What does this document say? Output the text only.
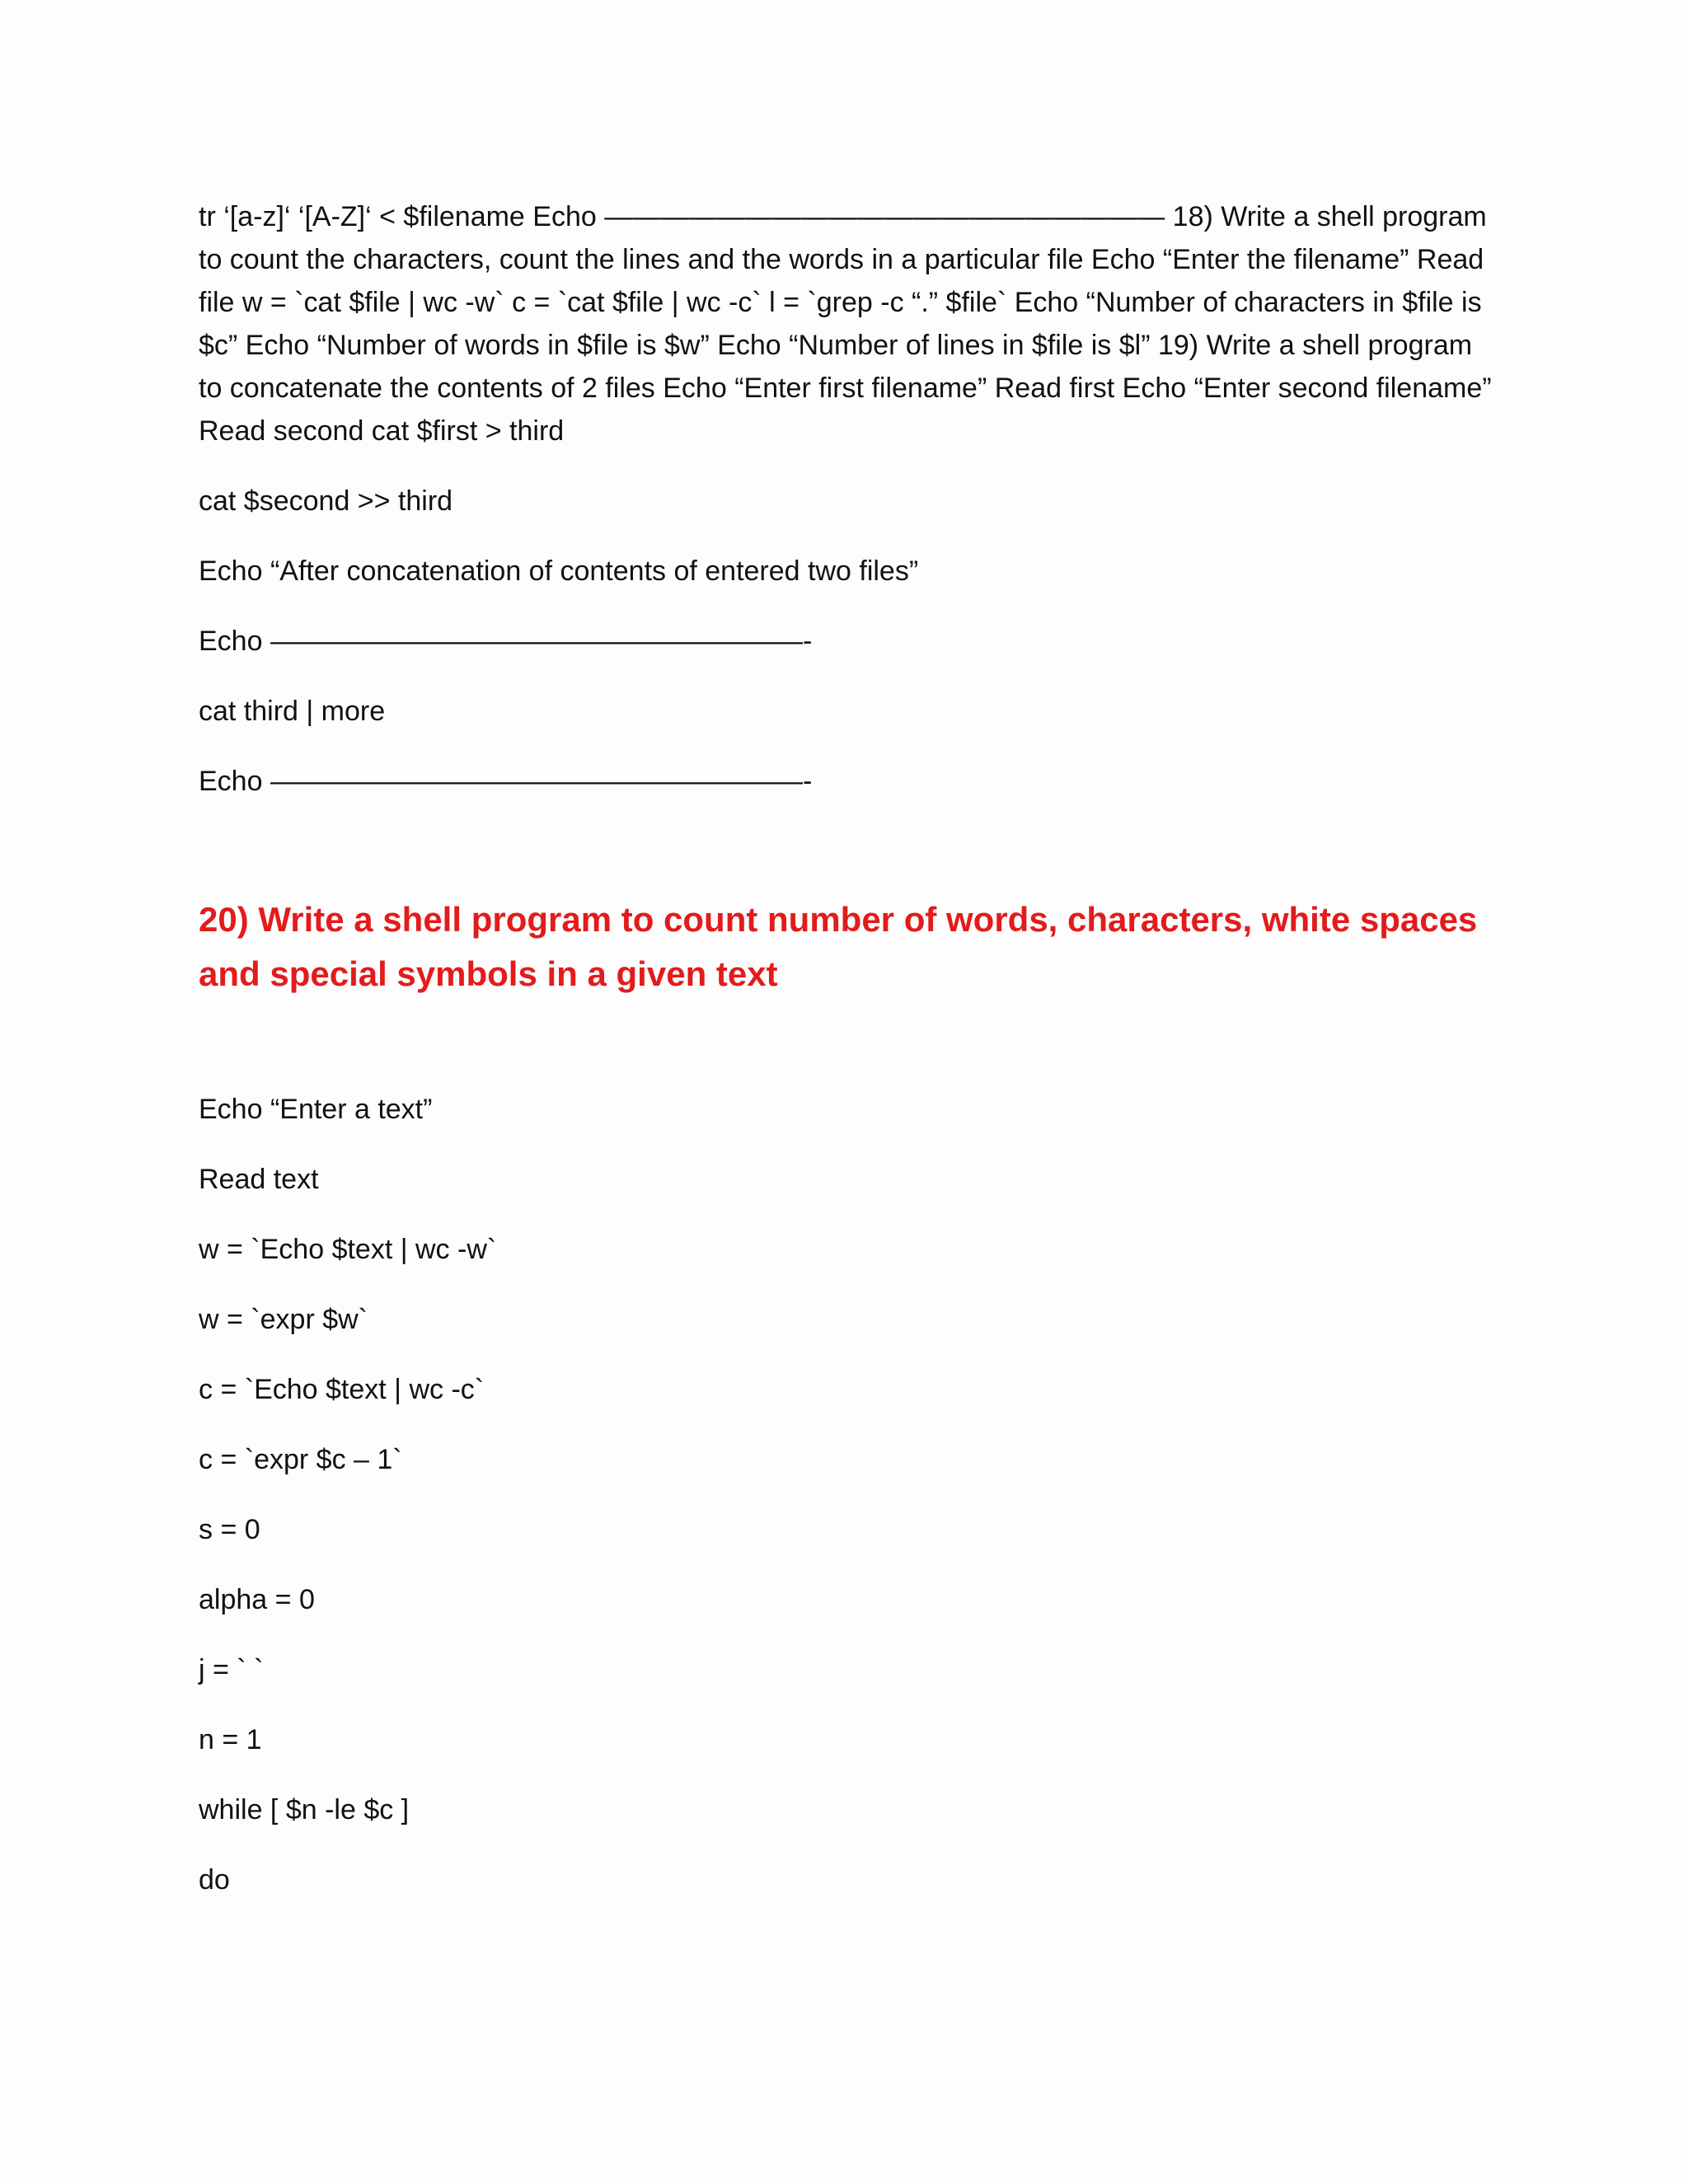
tr ‘[a-z]‘ ‘[A-Z]‘ < $filename Echo ———————————————————— 18) Write a shell program to count the characters, count the lines and the words in a particular file Echo “Enter the filename” Read file w = `cat $file | wc -w` c = `cat $file | wc -c` l = `grep -c “.” $file` Echo “Number of characters in $file is $c” Echo “Number of words in $file is $w” Echo “Number of lines in $file is $l” 19) Write a shell program to concatenate the contents of 2 files Echo “Enter first filename” Read first Echo “Enter second filename” Read second cat $first > third

cat $second >> third

Echo “After concatenation of contents of entered two files”

Echo ———————————————————-

cat third | more

Echo ———————————————————-

20) Write a shell program to count number of words, characters, white spaces and special symbols in a given text

Echo “Enter a text”

Read text

w = `Echo $text | wc -w`

w = `expr $w`

c = `Echo $text | wc -c`

c = `expr $c – 1`

s = 0

alpha = 0

j = ` `

n = 1

while [ $n -le $c ]

do
